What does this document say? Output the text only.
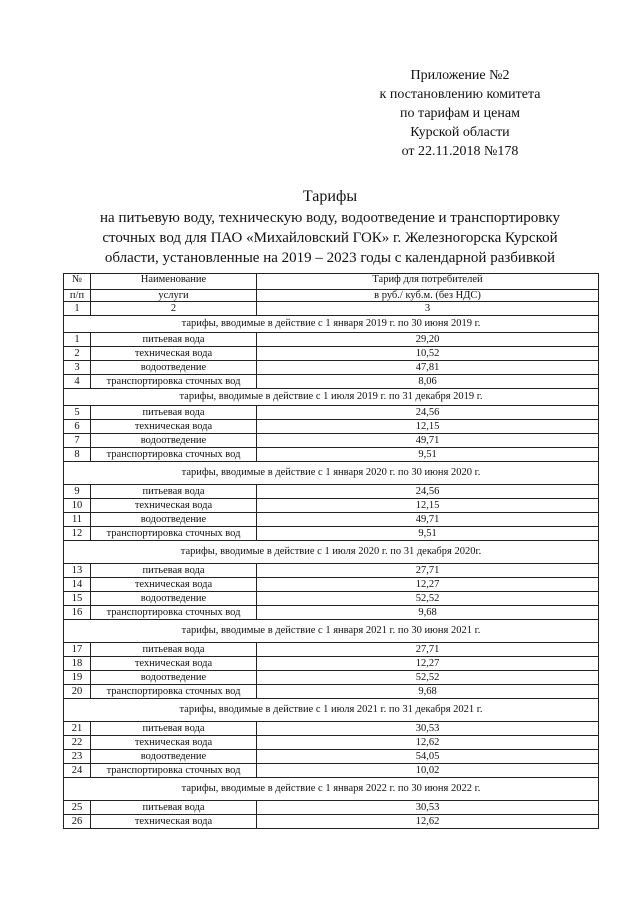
Приложение №2
к постановлению комитета
по тарифам и ценам
Курской области
от 22.11.2018 №178
Тарифы
на питьевую воду, техническую воду, водоотведение и транспортировку
сточных вод для ПАО «Михайловский ГОК» г. Железногорска Курской
области, установленные на 2019 – 2023 годы с календарной разбивкой
№	Наименование	Тариф для потребителей

п/п	услуги	в руб./ куб.м. (без НДС)
1	2	3
тарифы, вводимые в действие с 1 января 2019 г. по 30 июня 2019 г.		
1	питьевая вода	29,20
2	техническая вода	10,52
3	водоотведение	47,81
4	транспортировка сточных вод	8,06
тарифы, вводимые в действие с 1 июля 2019 г. по 31 декабря 2019 г.		
5	питьевая вода	24,56
6	техническая вода	12,15
7	водоотведение	49,71
8	транспортировка сточных вод	9,51
тарифы, вводимые в действие с 1 января 2020 г. по 30 июня 2020 г.		
9	питьевая вода	24,56
10	техническая вода	12,15
11	водоотведение	49,71
12	транспортировка сточных вод	9,51
тарифы, вводимые в действие с 1 июля 2020 г. по 31 декабря 2020г.		
13	питьевая вода	27,71
14	техническая вода	12,27
15	водоотведение	52,52
16	транспортировка сточных вод	9,68
тарифы, вводимые в действие с 1 января 2021 г. по 30 июня 2021 г.		
17	питьевая вода	27,71
18	техническая вода	12,27
19	водоотведение	52,52
20	транспортировка сточных вод	9,68
тарифы, вводимые в действие с 1 июля 2021 г. по 31 декабря 2021 г.		
21	питьевая вода	30,53
22	техническая вода	12,62
23	водоотведение	54,05
24	транспортировка сточных вод	10,02
тарифы, вводимые в действие с 1 января 2022 г. по 30 июня 2022 г.		
25	питьевая вода	30,53
26	техническая вода	12,62
